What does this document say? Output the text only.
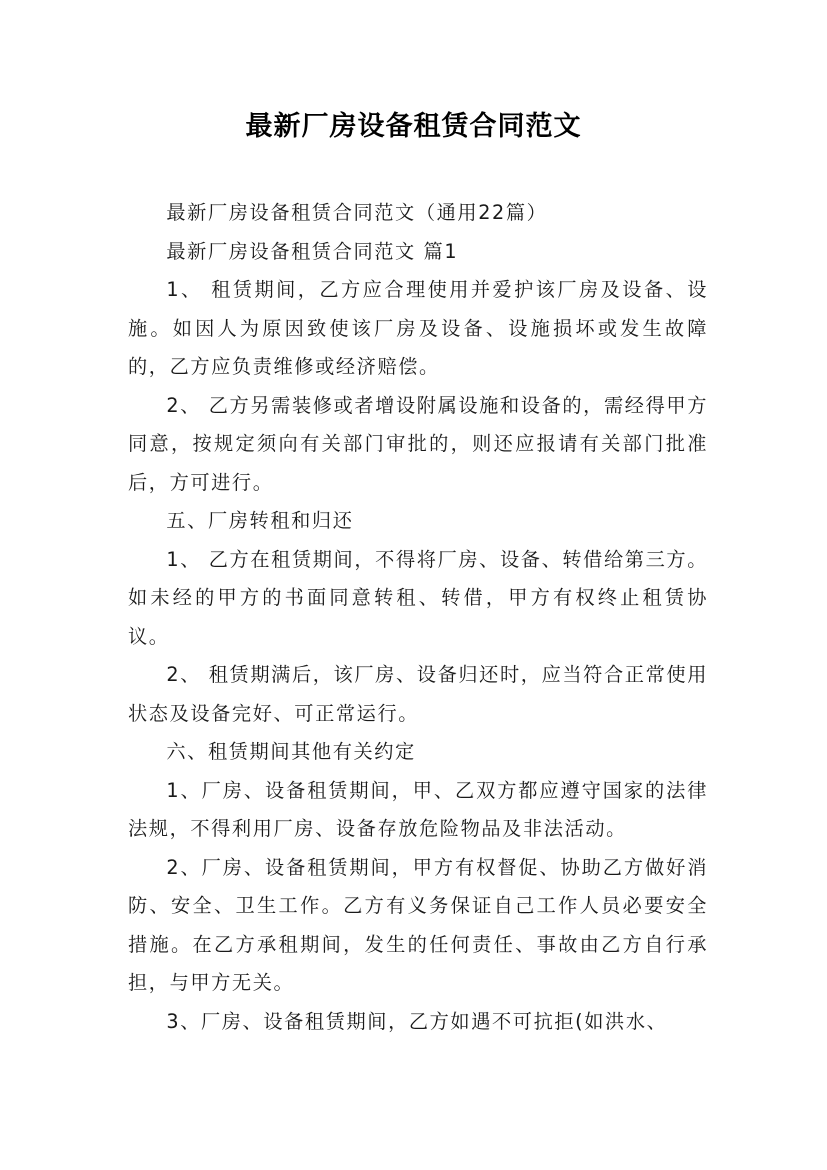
最新厂房设备租赁合同范文

最新厂房设备租赁合同范文（通用22篇）

最新厂房设备租赁合同范文 篇1

1、 租赁期间，乙方应合理使用并爱护该厂房及设备、设施。如因人为原因致使该厂房及设备、设施损坏或发生故障的，乙方应负责维修或经济赔偿。

2、 乙方另需装修或者增设附属设施和设备的，需经得甲方同意，按规定须向有关部门审批的，则还应报请有关部门批准后，方可进行。

五、厂房转租和归还

1、 乙方在租赁期间，不得将厂房、设备、转借给第三方。如未经的甲方的书面同意转租、转借，甲方有权终止租赁协议。

2、 租赁期满后，该厂房、设备归还时，应当符合正常使用状态及设备完好、可正常运行。

六、租赁期间其他有关约定

1、厂房、设备租赁期间，甲、乙双方都应遵守国家的法律法规，不得利用厂房、设备存放危险物品及非法活动。

2、厂房、设备租赁期间，甲方有权督促、协助乙方做好消防、安全、卫生工作。乙方有义务保证自己工作人员必要安全措施。在乙方承租期间，发生的任何责任、事故由乙方自行承担，与甲方无关。

3、厂房、设备租赁期间，乙方如遇不可抗拒(如洪水、
